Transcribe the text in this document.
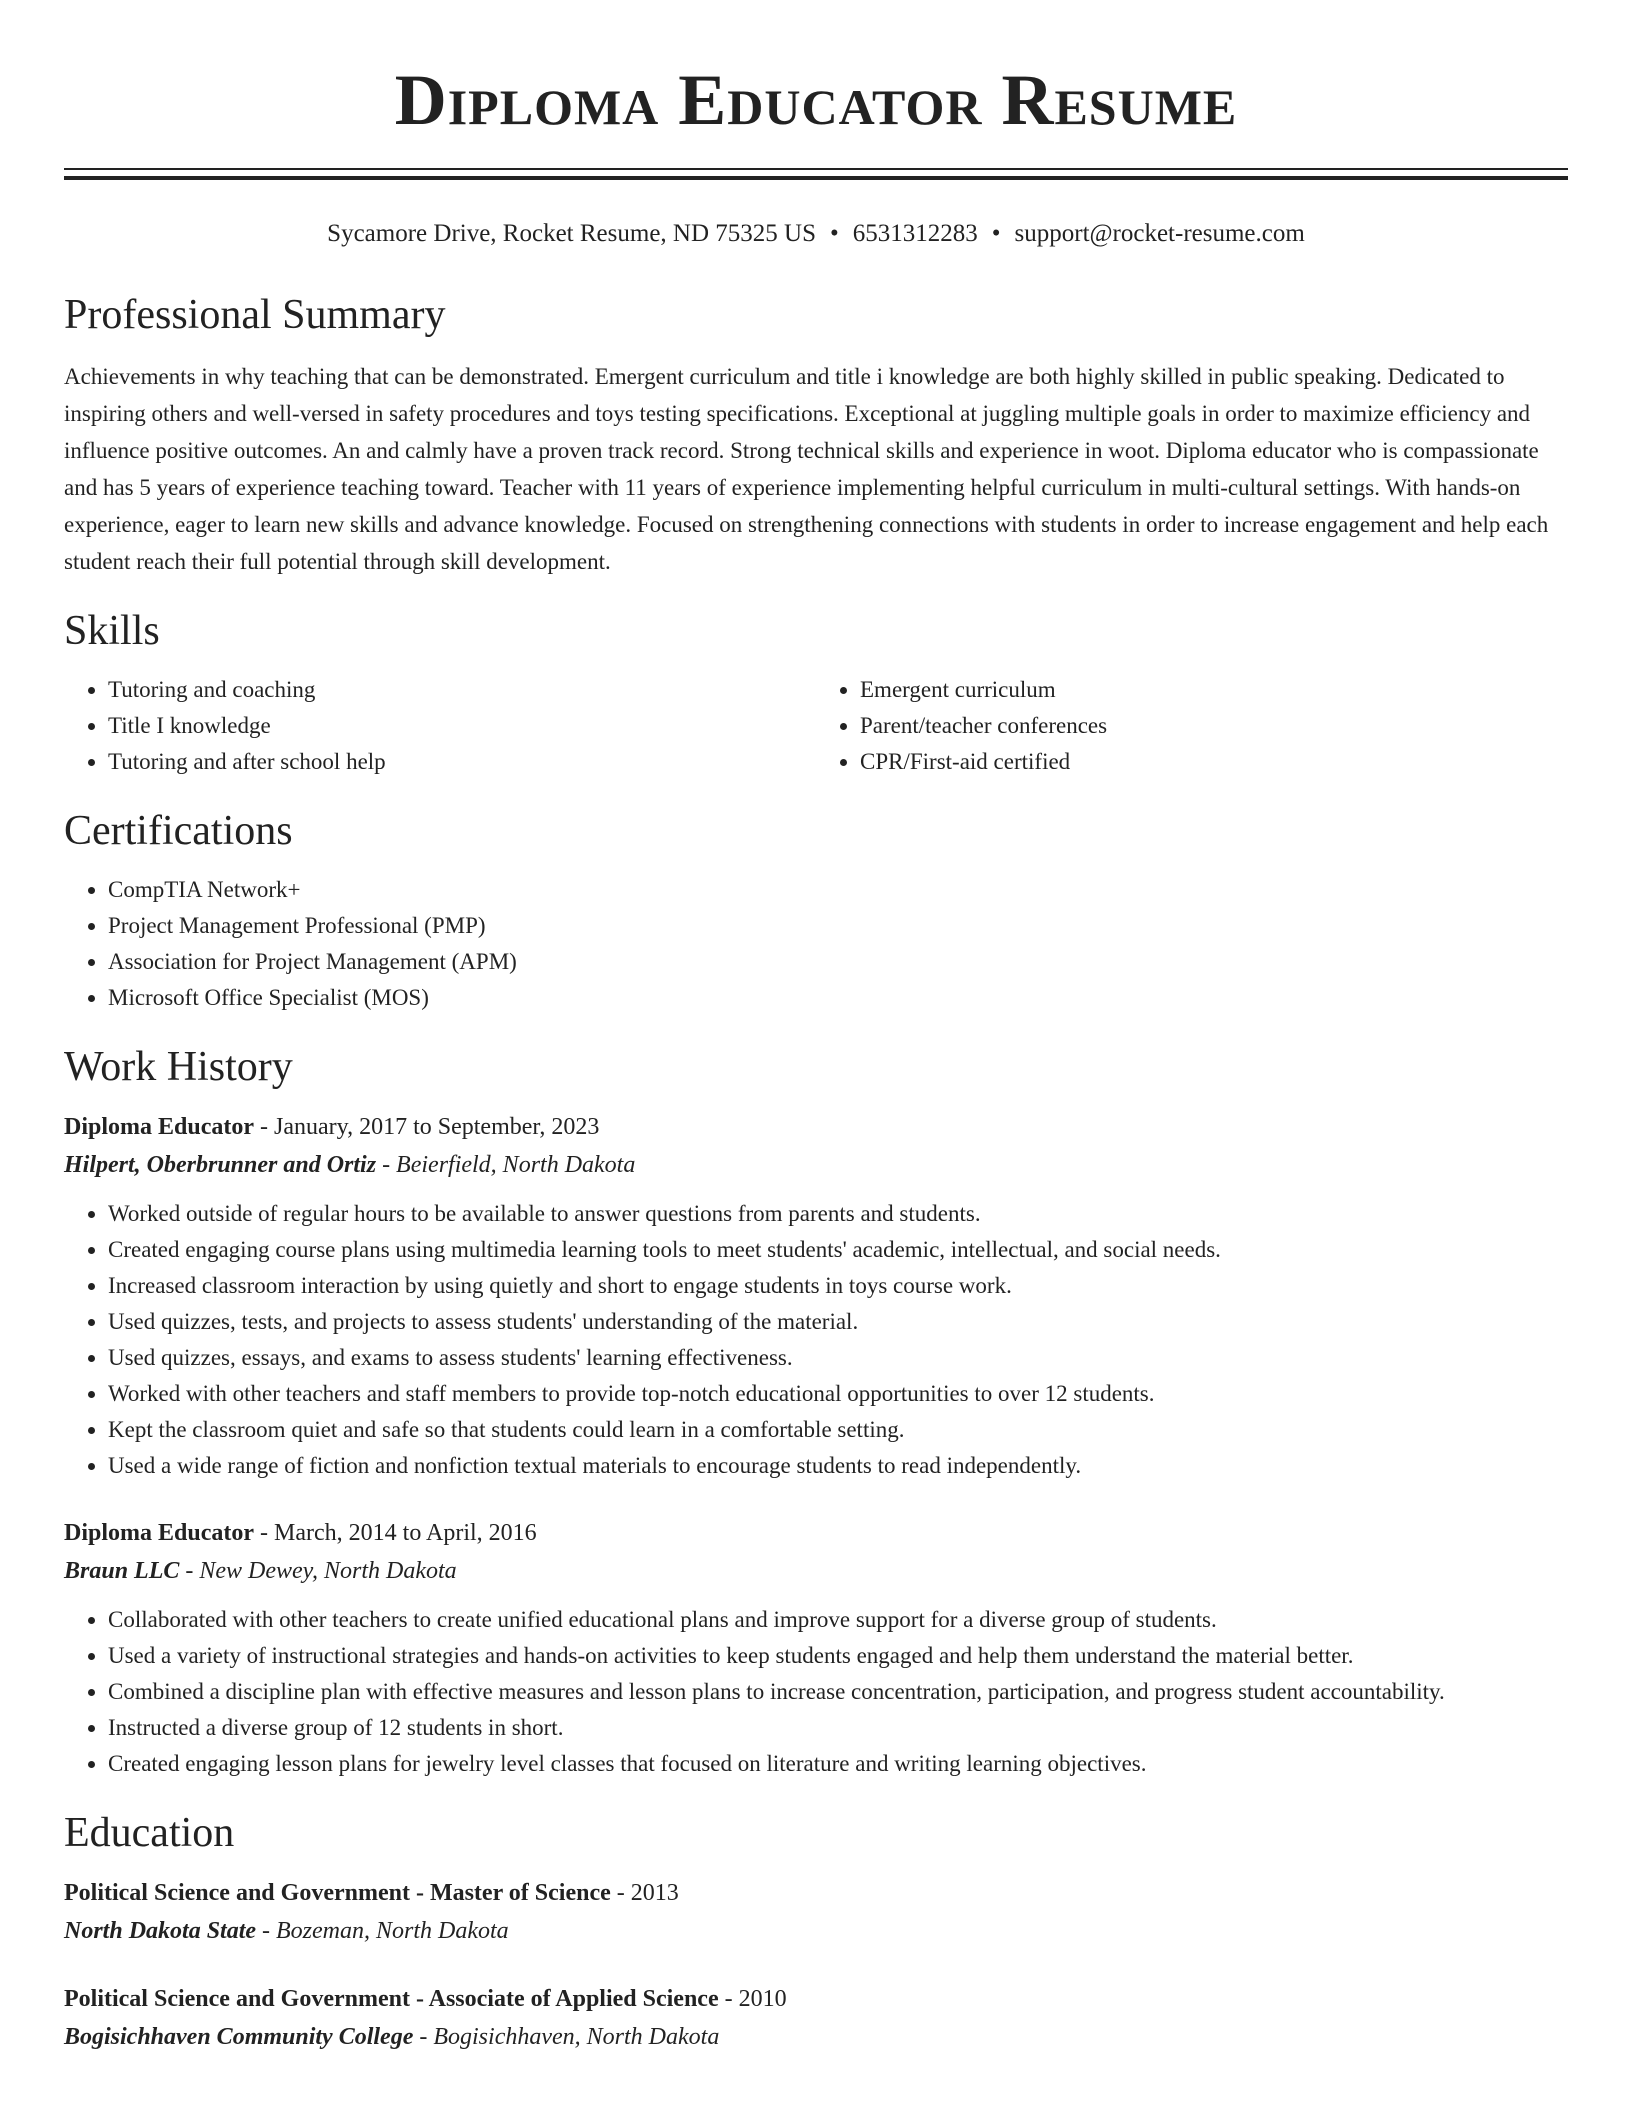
Diploma Educator Resume
Sycamore Drive, Rocket Resume, ND 75325 US • 6531312283 • support@rocket-resume.com
Professional Summary
Achievements in why teaching that can be demonstrated. Emergent curriculum and title i knowledge are both highly skilled in public speaking. Dedicated to inspiring others and well-versed in safety procedures and toys testing specifications. Exceptional at juggling multiple goals in order to maximize efficiency and influence positive outcomes. An and calmly have a proven track record. Strong technical skills and experience in woot. Diploma educator who is compassionate and has 5 years of experience teaching toward. Teacher with 11 years of experience implementing helpful curriculum in multi-cultural settings. With hands-on experience, eager to learn new skills and advance knowledge. Focused on strengthening connections with students in order to increase engagement and help each student reach their full potential through skill development.
Skills
• Tutoring and coaching
• Title I knowledge
• Tutoring and after school help
• Emergent curriculum
• Parent/teacher conferences
• CPR/First-aid certified
Certifications
• CompTIA Network+
• Project Management Professional (PMP)
• Association for Project Management (APM)
• Microsoft Office Specialist (MOS)
Work History
Diploma Educator - January, 2017 to September, 2023
Hilpert, Oberbrunner and Ortiz - Beierfield, North Dakota
• Worked outside of regular hours to be available to answer questions from parents and students.
• Created engaging course plans using multimedia learning tools to meet students' academic, intellectual, and social needs.
• Increased classroom interaction by using quietly and short to engage students in toys course work.
• Used quizzes, tests, and projects to assess students' understanding of the material.
• Used quizzes, essays, and exams to assess students' learning effectiveness.
• Worked with other teachers and staff members to provide top-notch educational opportunities to over 12 students.
• Kept the classroom quiet and safe so that students could learn in a comfortable setting.
• Used a wide range of fiction and nonfiction textual materials to encourage students to read independently.
Diploma Educator - March, 2014 to April, 2016
Braun LLC - New Dewey, North Dakota
• Collaborated with other teachers to create unified educational plans and improve support for a diverse group of students.
• Used a variety of instructional strategies and hands-on activities to keep students engaged and help them understand the material better.
• Combined a discipline plan with effective measures and lesson plans to increase concentration, participation, and progress student accountability.
• Instructed a diverse group of 12 students in short.
• Created engaging lesson plans for jewelry level classes that focused on literature and writing learning objectives.
Education
Political Science and Government - Master of Science - 2013
North Dakota State - Bozeman, North Dakota
Political Science and Government - Associate of Applied Science - 2010
Bogisichhaven Community College - Bogisichhaven, North Dakota
